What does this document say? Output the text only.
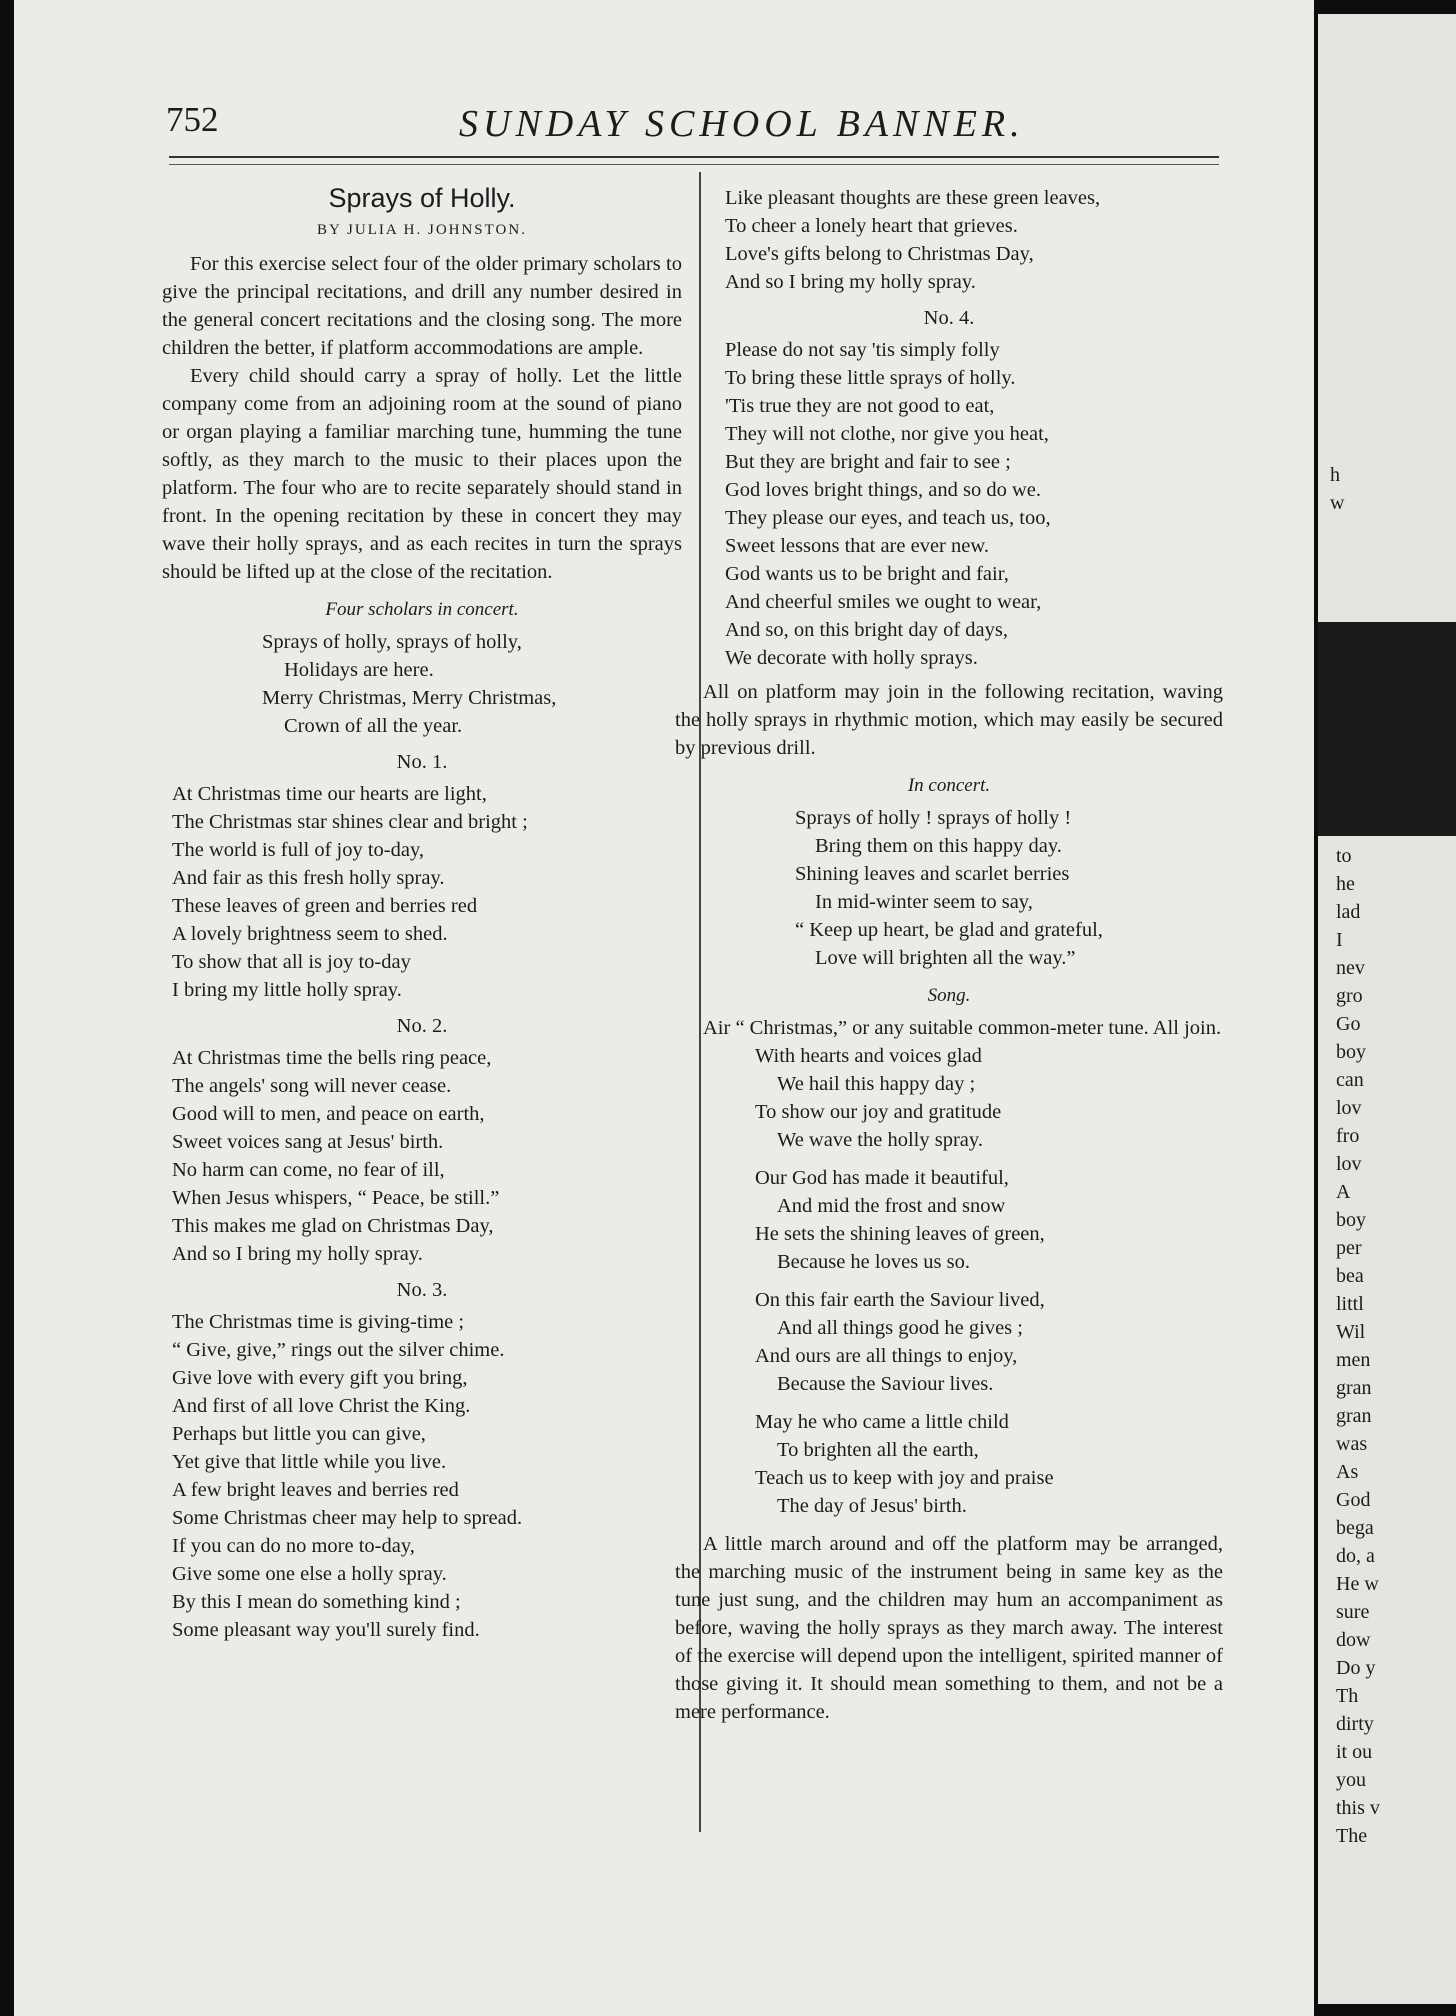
752	SUNDAY SCHOOL BANNER.
Sprays of Holly.
BY JULIA H. JOHNSTON.

For this exercise select four of the older primary scholars to give the principal recitations, and drill any number desired in the general concert recitations and the closing song. The more children the better, if platform accommodations are ample.

Every child should carry a spray of holly. Let the little company come from an adjoining room at the sound of piano or organ playing a familiar marching tune, humming the tune softly, as they march to the music to their places upon the platform. The four who are to recite separately should stand in front. In the opening recitation by these in concert they may wave their holly sprays, and as each recites in turn the sprays should be lifted up at the close of the recitation.

Four scholars in concert.
Sprays of holly, sprays of holly,
Holidays are here.
Merry Christmas, Merry Christmas,
Crown of all the year.
No. 1.
At Christmas time our hearts are light,
The Christmas star shines clear and bright ;
The world is full of joy to-day,
And fair as this fresh holly spray.
These leaves of green and berries red
A lovely brightness seem to shed.
To show that all is joy to-day
I bring my little holly spray.
No. 2.
At Christmas time the bells ring peace,
The angels' song will never cease.
Good will to men, and peace on earth,
Sweet voices sang at Jesus' birth.
No harm can come, no fear of ill,
When Jesus whispers, “ Peace, be still.”
This makes me glad on Christmas Day,
And so I bring my holly spray.
No. 3.
The Christmas time is giving-time ;
“ Give, give,” rings out the silver chime.
Give love with every gift you bring,
And first of all love Christ the King.
Perhaps but little you can give,
Yet give that little while you live.
A few bright leaves and berries red
Some Christmas cheer may help to spread.
If you can do no more to-day,
Give some one else a holly spray.
By this I mean do something kind ;
Some pleasant way you'll surely find.
Like pleasant thoughts are these green leaves,
To cheer a lonely heart that grieves.
Love's gifts belong to Christmas Day,
And so I bring my holly spray.
No. 4.
Please do not say 'tis simply folly
To bring these little sprays of holly.
'Tis true they are not good to eat,
They will not clothe, nor give you heat,
But they are bright and fair to see ;
God loves bright things, and so do we.
They please our eyes, and teach us, too,
Sweet lessons that are ever new.
God wants us to be bright and fair,
And cheerful smiles we ought to wear,
And so, on this bright day of days,
We decorate with holly sprays.

All on platform may join in the following recitation, waving the holly sprays in rhythmic motion, which may easily be secured by previous drill.

In concert.
Sprays of holly ! sprays of holly !
Bring them on this happy day.
Shining leaves and scarlet berries
In mid-winter seem to say,
“ Keep up heart, be glad and grateful,
Love will brighten all the way.”
Song.

Air “ Christmas,” or any suitable common-meter tune. All join.

With hearts and voices glad
We hail this happy day ;
To show our joy and gratitude
We wave the holly spray.
Our God has made it beautiful,
And mid the frost and snow
He sets the shining leaves of green,
Because he loves us so.
On this fair earth the Saviour lived,
And all things good he gives ;
And ours are all things to enjoy,
Because the Saviour lives.
May he who came a little child
To brighten all the earth,
Teach us to keep with joy and praise
The day of Jesus' birth.

A little march around and off the platform may be arranged, the marching music of the instrument being in same key as the tune just sung, and the children may hum an accompaniment as before, waving the holly sprays as they march away. The interest of the exercise will depend upon the intelligent, spirited manner of those giving it. It should mean something to them, and not be a mere performance.

h
w
to
he
lad
I
nev
gro
Go
boy
can
lov
fro
lov
A
boy
per
bea
littl
Wil
men
gran
gran
was
As
God
bega
do, a
He w
sure
dow
Do y
Th
dirty
it ou
you
this v
The
